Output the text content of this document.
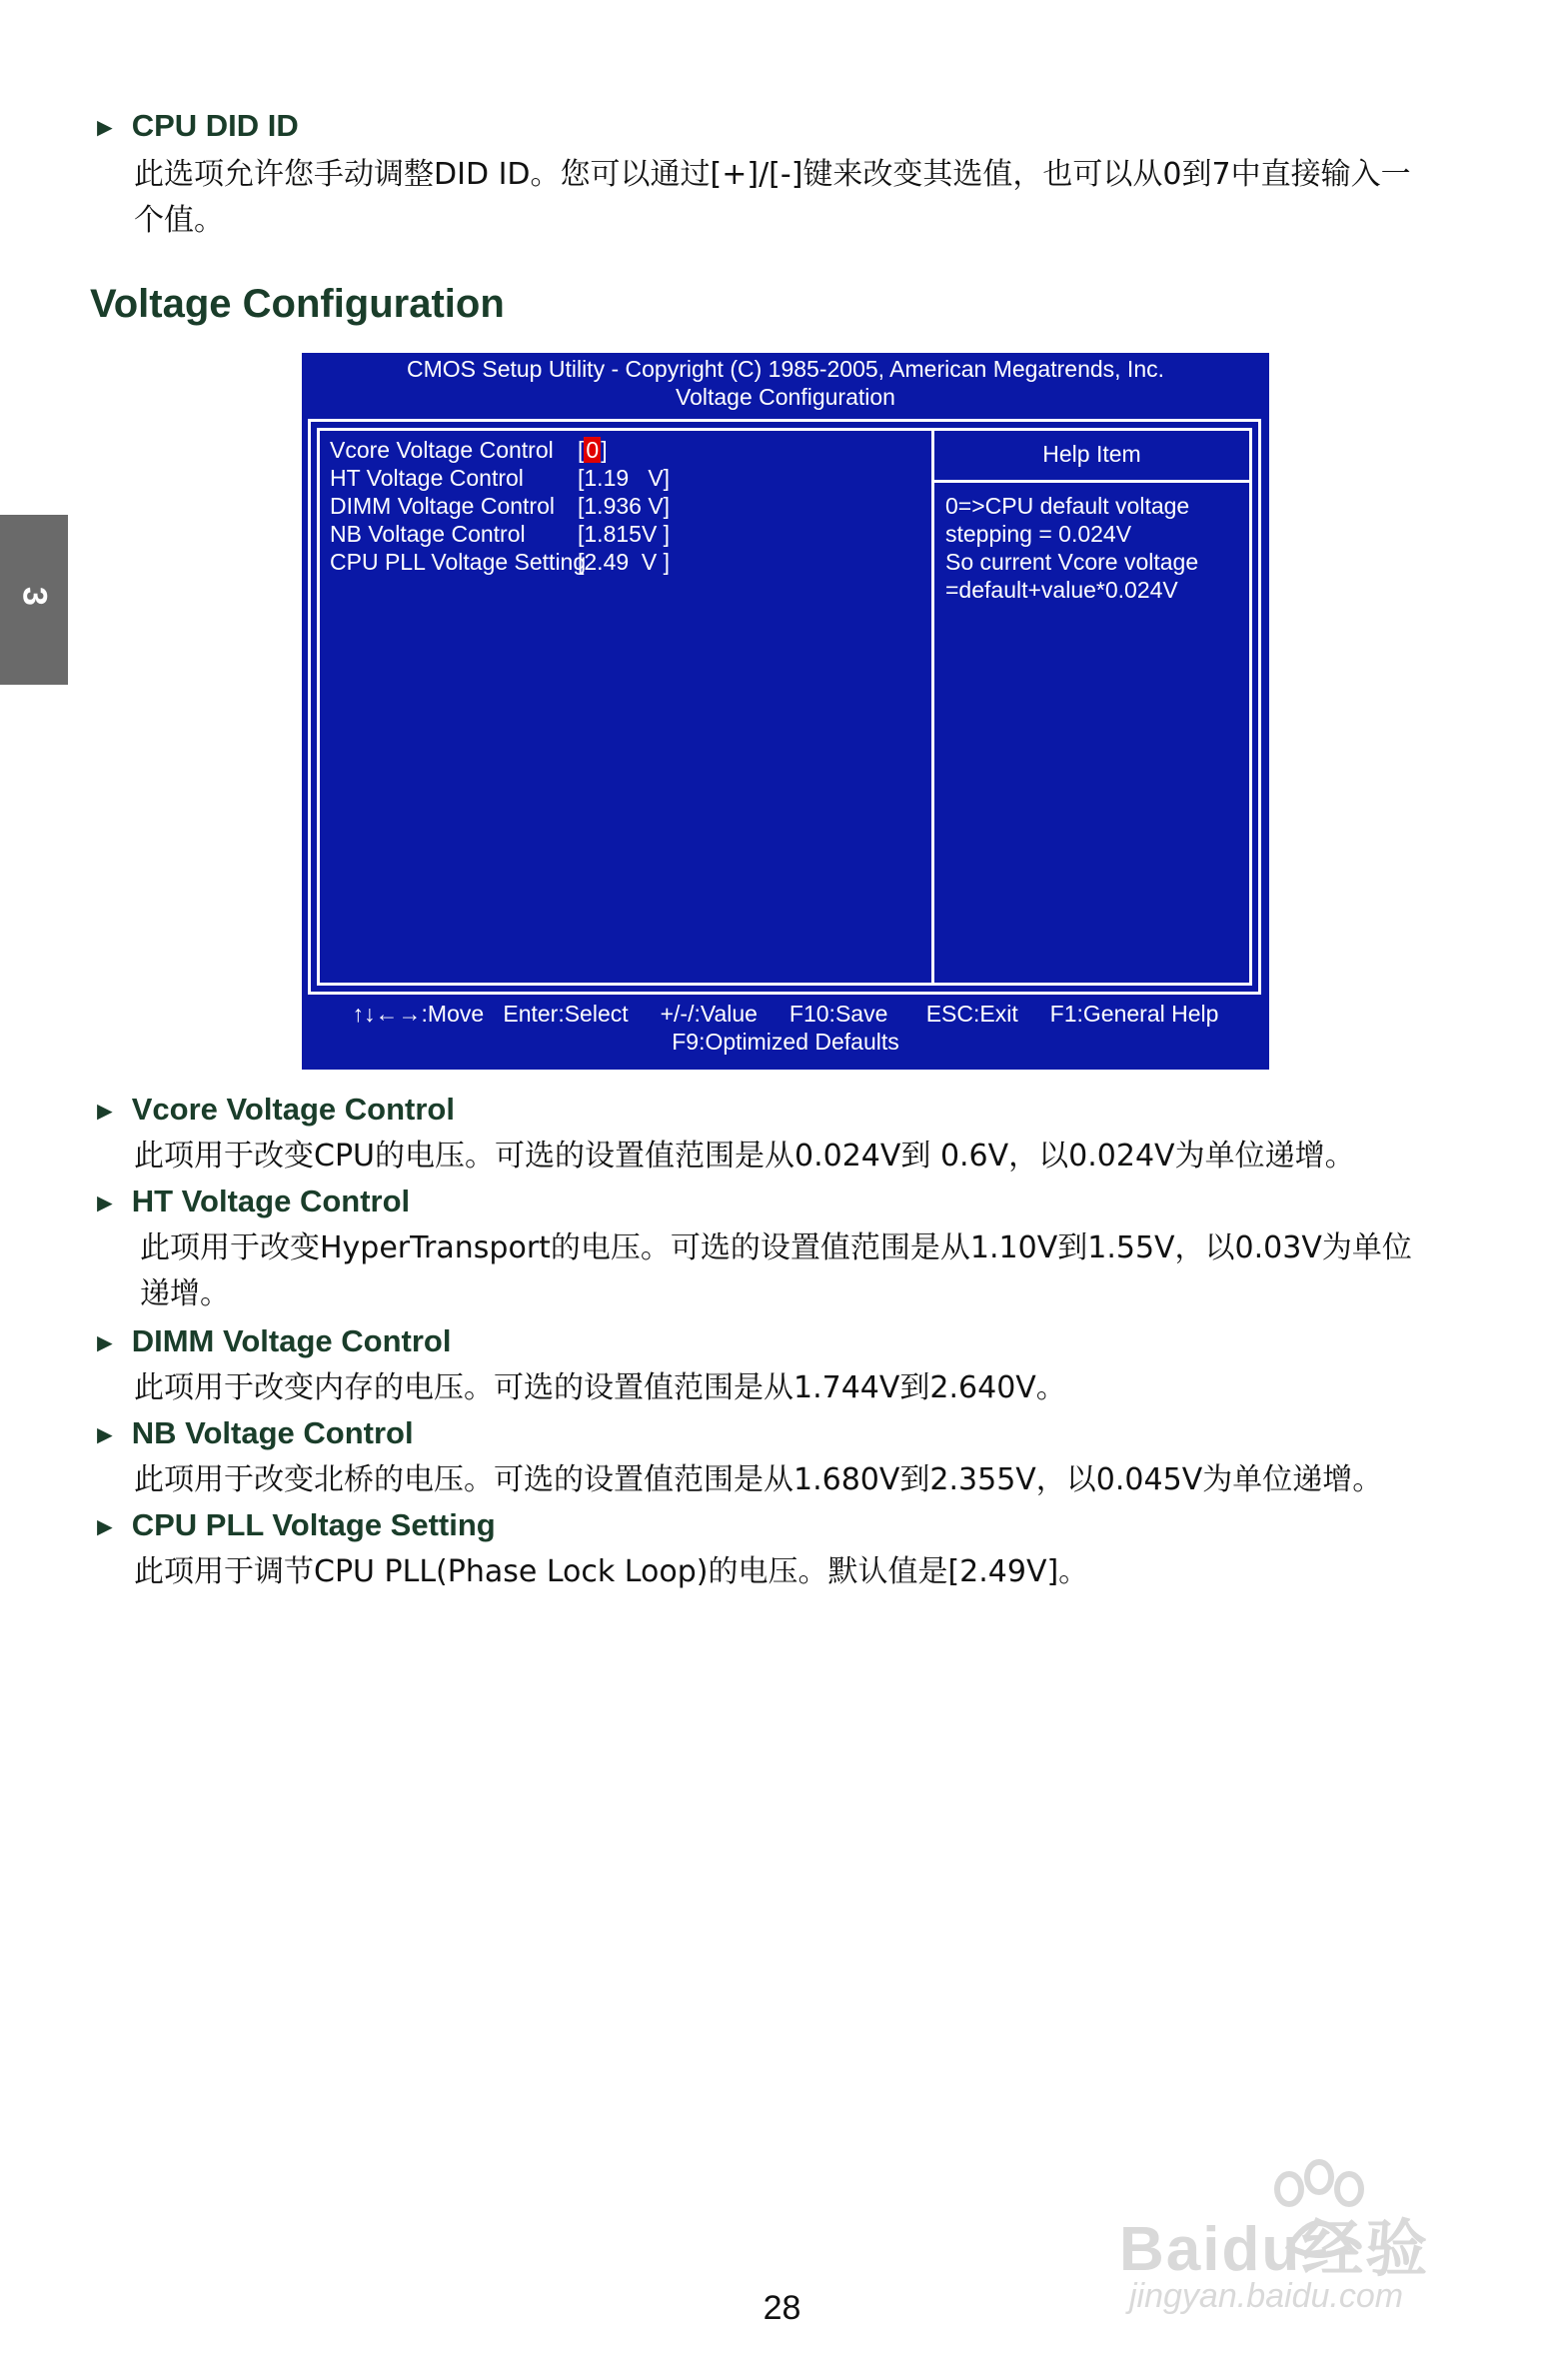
► CPU DID ID
此选项允许您手动调整DID ID。您可以通过[+]/[-]键来改变其选值，也可以从0到7中直接输入一
个值。
Voltage Configuration
3
CMOS Setup Utility - Copyright (C) 1985-2005, American Megatrends, Inc.
Voltage Configuration
Vcore Voltage Control [0]
HT Voltage Control [1.19   V]
DIMM Voltage Control [1.936 V]
NB Voltage Control [1.815V ]
CPU PLL Voltage Setting
[2.49  V ]
Help Item
0=>CPU default voltage
stepping = 0.024V
So current Vcore voltage
=default+value*0.024V
↑↓←→:Move   Enter:Select     +/-/:Value     F10:Save      ESC:Exit     F1:General Help
F9:Optimized Defaults
► Vcore Voltage Control
此项用于改变CPU的电压。可选的设置值范围是从0.024V到 0.6V，以0.024V为单位递增。
► HT Voltage Control
此项用于改变HyperTransport的电压。可选的设置值范围是从1.10V到1.55V，以0.03V为单位
递增。
► DIMM Voltage Control
此项用于改变内存的电压。可选的设置值范围是从1.744V到2.640V。
► NB Voltage Control
此项用于改变北桥的电压。可选的设置值范围是从1.680V到2.355V，以0.045V为单位递增。
► CPU PLL Voltage Setting
此项用于调节CPU PLL(Phase Lock Loop)的电压。默认值是[2.49V]。
Baidu经验
jingyan.baidu.com
28
